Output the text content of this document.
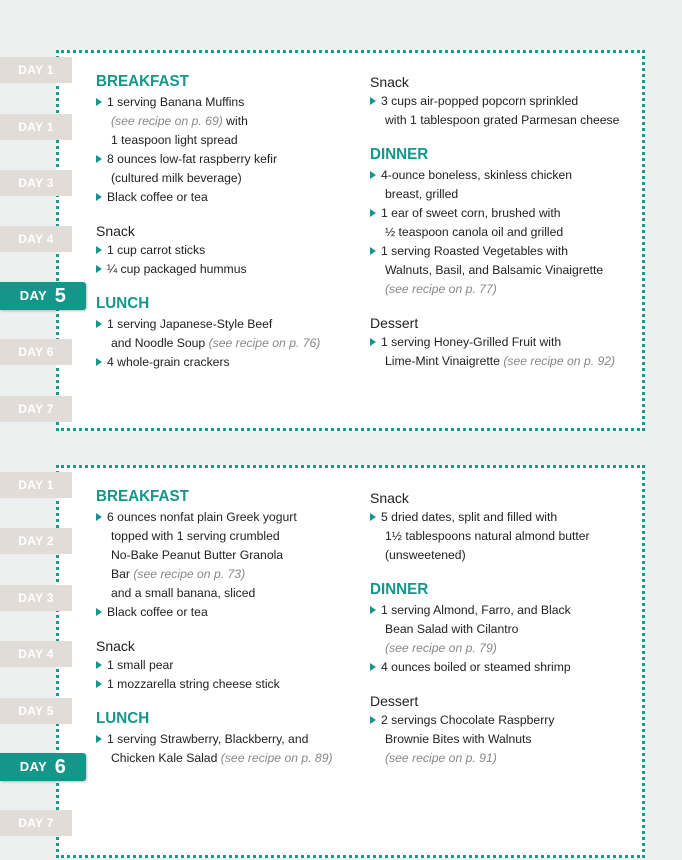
DAY 1
DAY 1
DAY 3
DAY 4
DAY 5
DAY 6
DAY 7
DAY 1
DAY 2
DAY 3
DAY 4
DAY 5
DAY 6
DAY 7
BREAKFAST
1 serving Banana Muffins
(see recipe on p. 69) with
1 teaspoon light spread
8 ounces low-fat raspberry kefir
(cultured milk beverage)
Black coffee or tea
Snack
1 cup carrot sticks
¼ cup packaged hummus
LUNCH
1 serving Japanese-Style Beef
and Noodle Soup (see recipe on p. 76)
4 whole-grain crackers
Snack
3 cups air-popped popcorn sprinkled
with 1 tablespoon grated Parmesan cheese
DINNER
4-ounce boneless, skinless chicken
breast, grilled
1 ear of sweet corn, brushed with
½ teaspoon canola oil and grilled
1 serving Roasted Vegetables with
Walnuts, Basil, and Balsamic Vinaigrette
(see recipe on p. 77)
Dessert
1 serving Honey-Grilled Fruit with
Lime-Mint Vinaigrette (see recipe on p. 92)
BREAKFAST
6 ounces nonfat plain Greek yogurt
topped with 1 serving crumbled
No-Bake Peanut Butter Granola
Bar (see recipe on p. 73)
and a small banana, sliced
Black coffee or tea
Snack
1 small pear
1 mozzarella string cheese stick
LUNCH
1 serving Strawberry, Blackberry, and
Chicken Kale Salad (see recipe on p. 89)
Snack
5 dried dates, split and filled with
1½ tablespoons natural almond butter
(unsweetened)
DINNER
1 serving Almond, Farro, and Black
Bean Salad with Cilantro
(see recipe on p. 79)
4 ounces boiled or steamed shrimp
Dessert
2 servings Chocolate Raspberry
Brownie Bites with Walnuts
(see recipe on p. 91)
